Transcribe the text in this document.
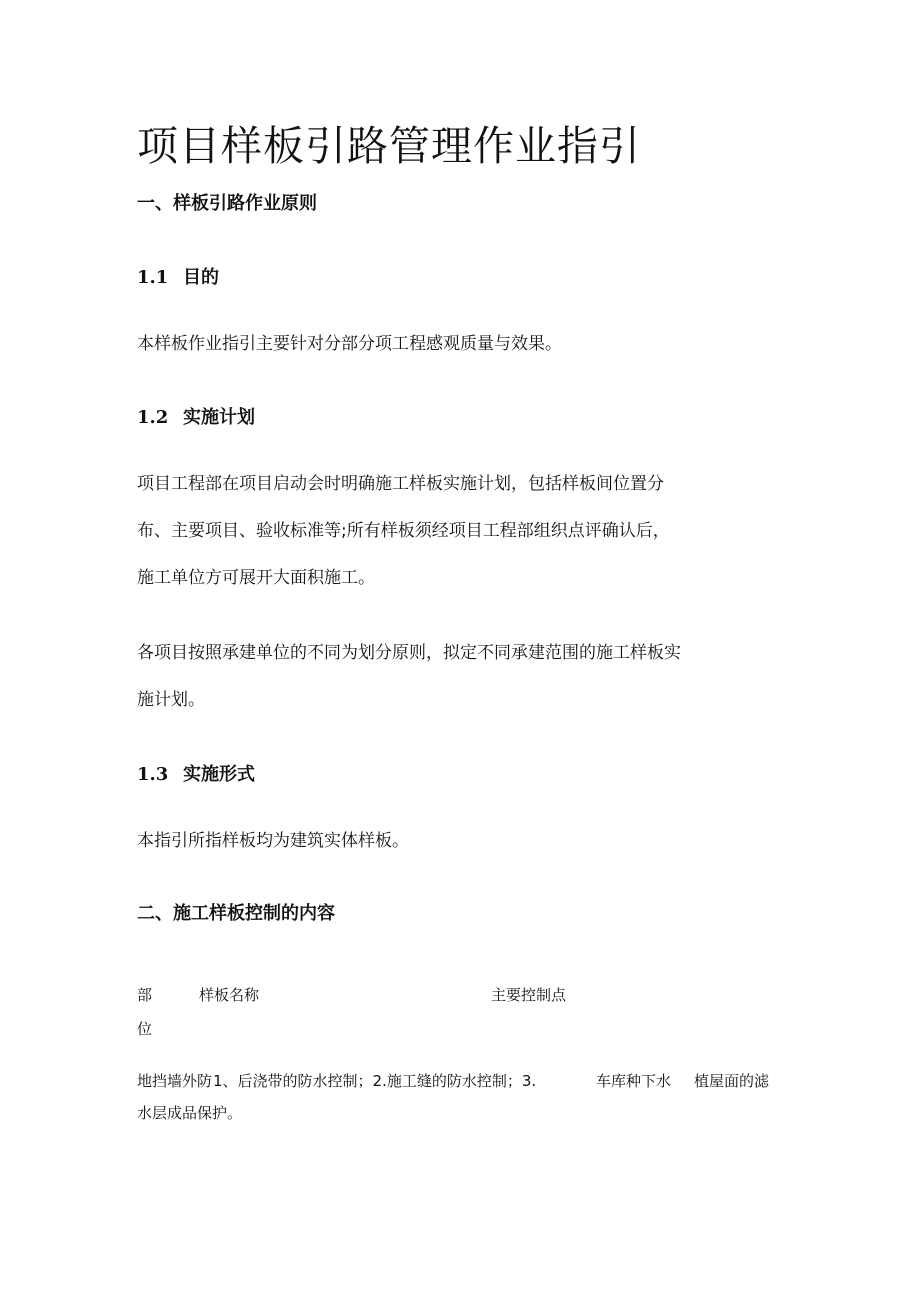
项目样板引路管理作业指引
一、样板引路作业原则
1.1 目的
本样板作业指引主要针对分部分项工程感观质量与效果。
1.2 实施计划
项目工程部在项目启动会时明确施工样板实施计划，包括样板间位置分
布、主要项目、验收标准等;所有样板须经项目工程部组织点评确认后，
施工单位方可展开大面积施工。
各项目按照承建单位的不同为划分原则，拟定不同承建范围的施工样板实
施计划。
1.3 实施形式
本指引所指样板均为建筑实体样板。
二、施工样板控制的内容
部
位
样板名称	主要控制点
地挡墙外防 1、后浇带的防水控制；2.施工缝的防水控制；3.	车库种下水 植屋面的滤
水层成品保护。
